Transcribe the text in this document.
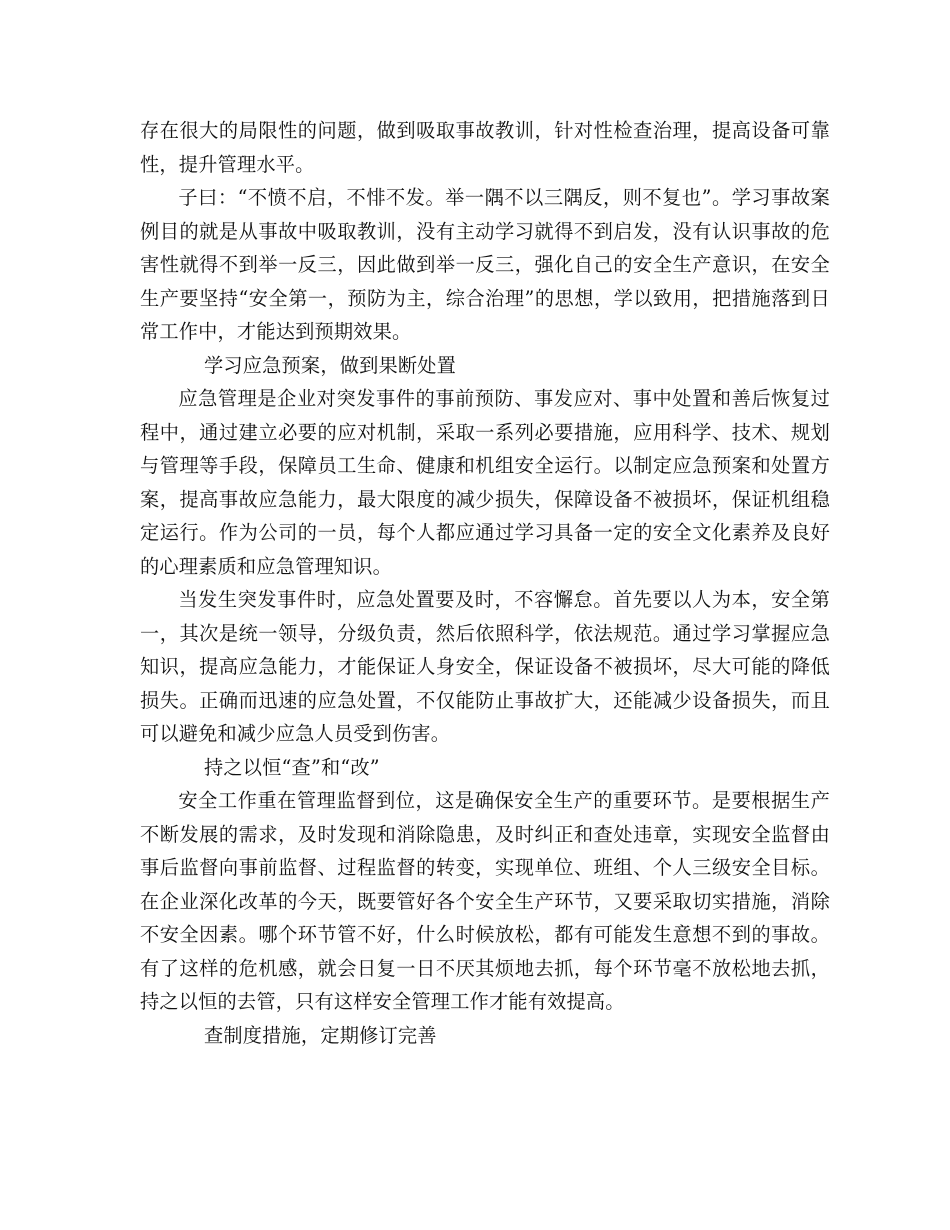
存在很大的局限性的问题，做到吸取事故教训，针对性检查治理，提高设备可靠性，提升管理水平。

子曰：“不愤不启，不悱不发。举一隅不以三隅反，则不复也”。学习事故案例目的就是从事故中吸取教训，没有主动学习就得不到启发，没有认识事故的危害性就得不到举一反三，因此做到举一反三，强化自己的安全生产意识，在安全生产要坚持“安全第一，预防为主，综合治理”的思想，学以致用，把措施落到日常工作中，才能达到预期效果。

学习应急预案，做到果断处置

应急管理是企业对突发事件的事前预防、事发应对、事中处置和善后恢复过程中，通过建立必要的应对机制，采取一系列必要措施，应用科学、技术、规划与管理等手段，保障员工生命、健康和机组安全运行。以制定应急预案和处置方案，提高事故应急能力，最大限度的减少损失，保障设备不被损坏，保证机组稳定运行。作为公司的一员，每个人都应通过学习具备一定的安全文化素养及良好的心理素质和应急管理知识。

当发生突发事件时，应急处置要及时，不容懈怠。首先要以人为本，安全第一，其次是统一领导，分级负责，然后依照科学，依法规范。通过学习掌握应急知识，提高应急能力，才能保证人身安全，保证设备不被损坏，尽大可能的降低损失。正确而迅速的应急处置，不仅能防止事故扩大，还能减少设备损失，而且可以避免和减少应急人员受到伤害。

持之以恒“查”和“改”

安全工作重在管理监督到位，这是确保安全生产的重要环节。是要根据生产不断发展的需求，及时发现和消除隐患，及时纠正和查处违章，实现安全监督由事后监督向事前监督、过程监督的转变，实现单位、班组、个人三级安全目标。在企业深化改革的今天，既要管好各个安全生产环节，又要采取切实措施，消除不安全因素。哪个环节管不好，什么时候放松，都有可能发生意想不到的事故。有了这样的危机感，就会日复一日不厌其烦地去抓，每个环节毫不放松地去抓，持之以恒的去管，只有这样安全管理工作才能有效提高。

查制度措施，定期修订完善
